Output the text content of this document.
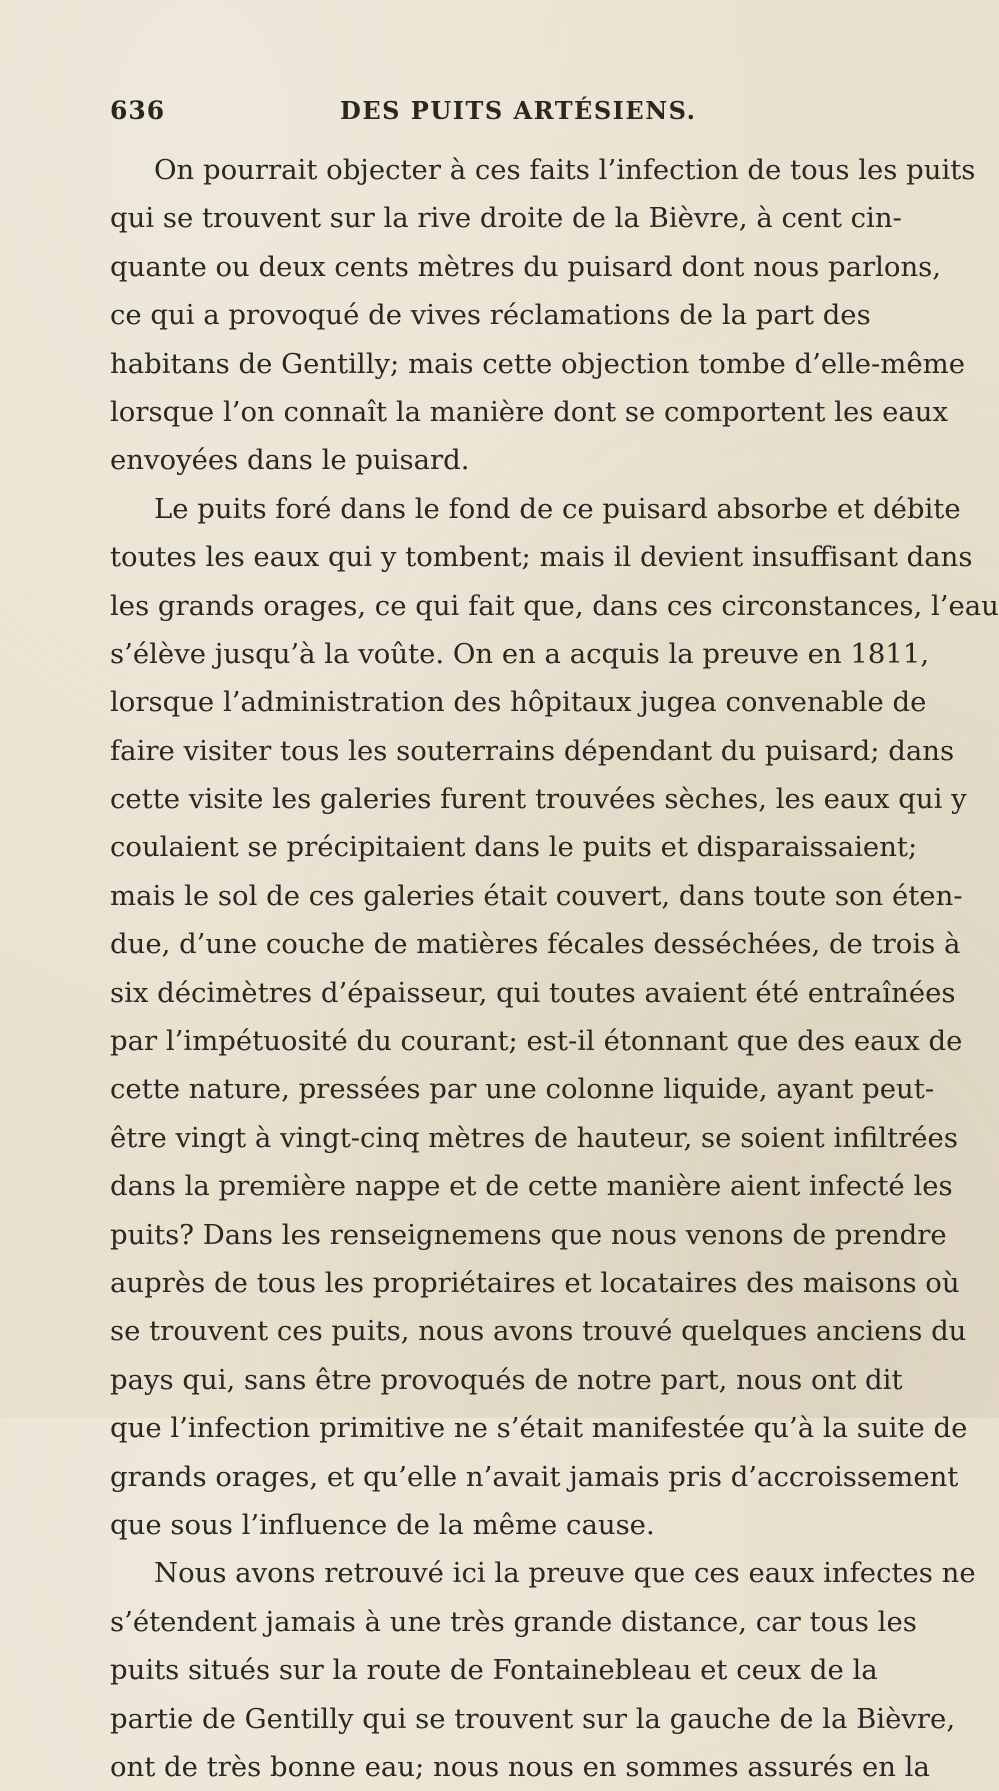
636	DES PUITS ARTÉSIENS.
On pourrait objecter à ces faits l’infection de tous les puits
qui se trouvent sur la rive droite de la Bièvre, à cent cin-
quante ou deux cents mètres du puisard dont nous parlons,
ce qui a provoqué de vives réclamations de la part des
habitans de Gentilly; mais cette objection tombe d’elle-même
lorsque l’on connaît la manière dont se comportent les eaux
envoyées dans le puisard.
Le puits foré dans le fond de ce puisard absorbe et débite
toutes les eaux qui y tombent; mais il devient insuffisant dans
les grands orages, ce qui fait que, dans ces circonstances, l’eau
s’élève jusqu’à la voûte. On en a acquis la preuve en 1811,
lorsque l’administration des hôpitaux jugea convenable de
faire visiter tous les souterrains dépendant du puisard; dans
cette visite les galeries furent trouvées sèches, les eaux qui y
coulaient se précipitaient dans le puits et disparaissaient;
mais le sol de ces galeries était couvert, dans toute son éten-
due, d’une couche de matières fécales desséchées, de trois à
six décimètres d’épaisseur, qui toutes avaient été entraînées
par l’impétuosité du courant; est-il étonnant que des eaux de
cette nature, pressées par une colonne liquide, ayant peut-
être vingt à vingt-cinq mètres de hauteur, se soient infiltrées
dans la première nappe et de cette manière aient infecté les
puits? Dans les renseignemens que nous venons de prendre
auprès de tous les propriétaires et locataires des maisons où
se trouvent ces puits, nous avons trouvé quelques anciens du
pays qui, sans être provoqués de notre part, nous ont dit
que l’infection primitive ne s’était manifestée qu’à la suite de
grands orages, et qu’elle n’avait jamais pris d’accroissement
que sous l’influence de la même cause.
Nous avons retrouvé ici la preuve que ces eaux infectes ne
s’étendent jamais à une très grande distance, car tous les
puits situés sur la route de Fontainebleau et ceux de la
partie de Gentilly qui se trouvent sur la gauche de la Bièvre,
ont de très bonne eau; nous nous en sommes assurés en la
